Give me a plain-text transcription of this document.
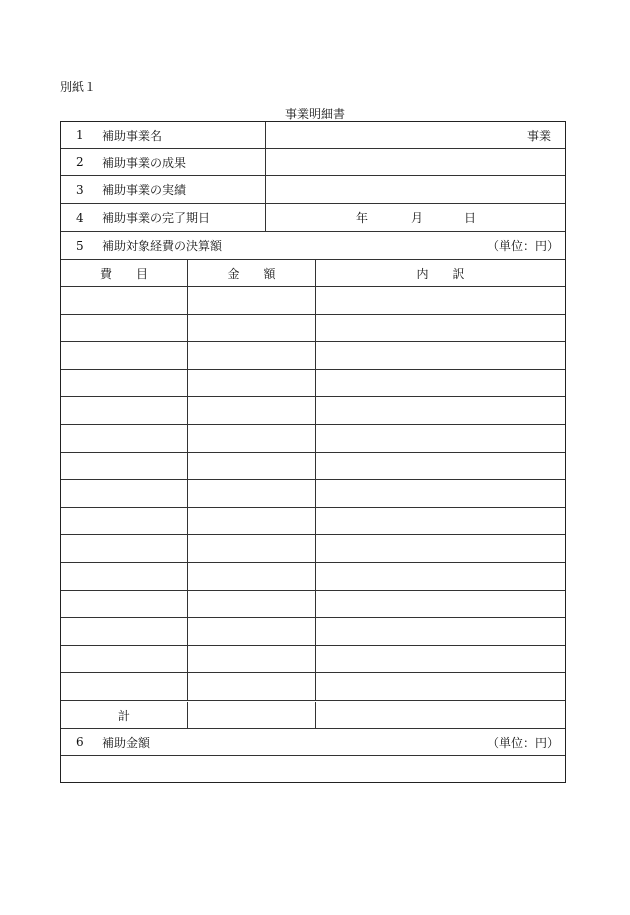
別紙１
事業明細書
1	補助事業名	事業
2	補助事業の成果
3	補助事業の実績
4	補助事業の完了期日	年	月	日
5	補助対象経費の決算額	（単位：円）
費　　目	金　　額	内　　訳
計
6	補助金額	（単位：円）
